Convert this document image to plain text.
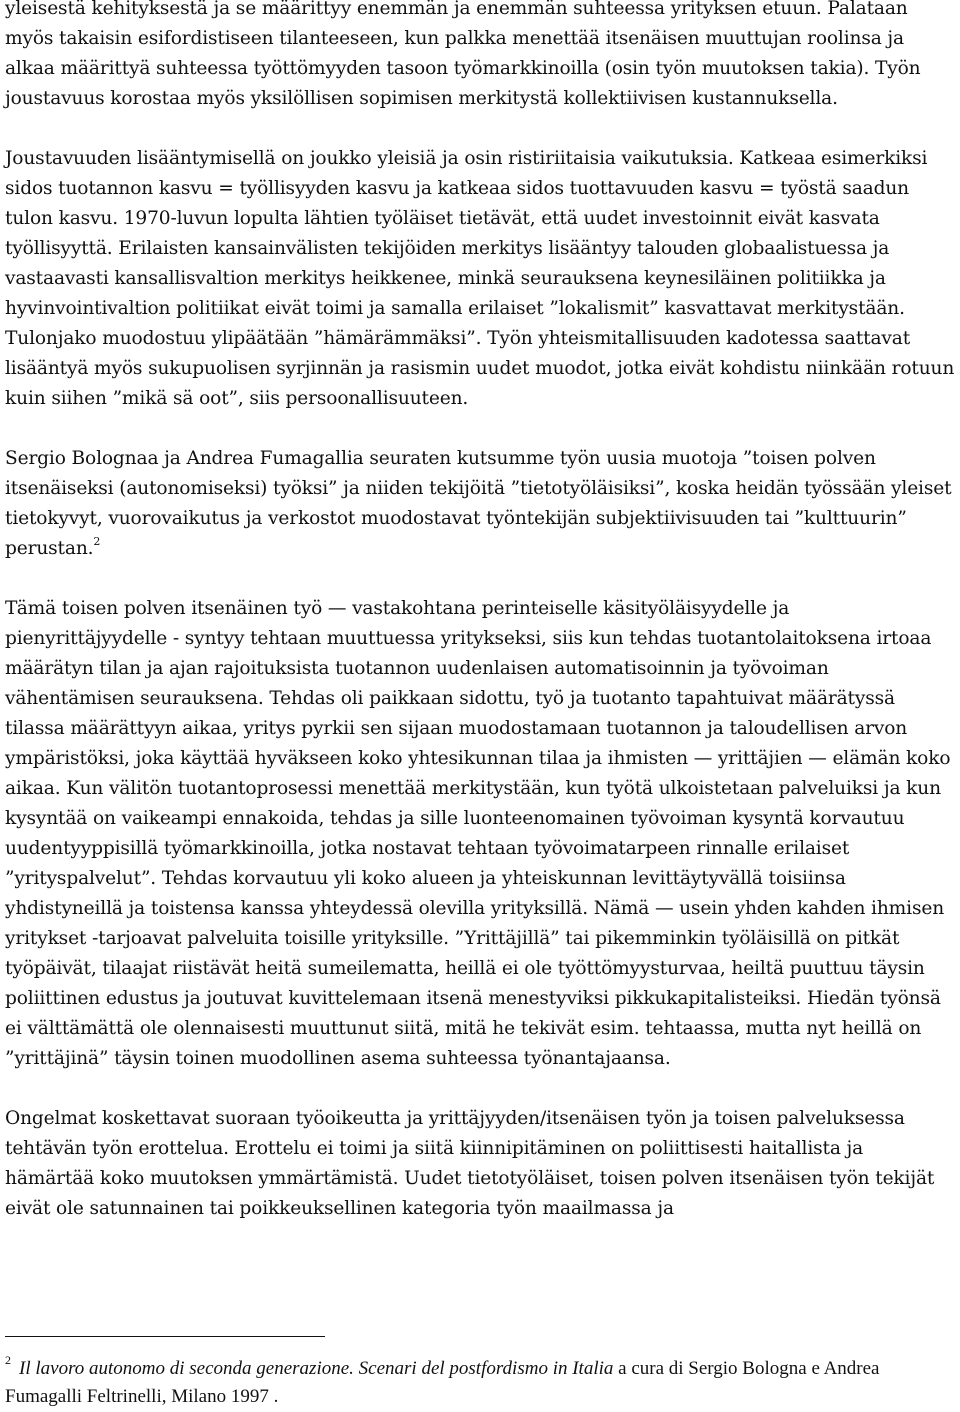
yleisestä kehityksestä ja se määrittyy enemmän ja enemmän suhteessa yrityksen etuun. Palataan myös takaisin esifordistiseen tilanteeseen, kun palkka menettää itsenäisen muuttujan roolinsa ja alkaa määrittyä suhteessa työttömyyden tasoon työmarkkinoilla (osin työn muutoksen takia). Työn joustavuus korostaa myös yksilöllisen sopimisen merkitystä kollektiivisen kustannuksella.

Joustavuuden lisääntymisellä on joukko yleisiä ja osin ristiriitaisia vaikutuksia. Katkeaa esimerkiksi sidos tuotannon kasvu = työllisyyden kasvu ja katkeaa sidos tuottavuuden kasvu = työstä saadun tulon kasvu. 1970-luvun lopulta lähtien työläiset tietävät, että uudet investoinnit eivät kasvata työllisyyttä. Erilaisten kansainvälisten tekijöiden merkitys lisääntyy talouden globaalistuessa ja vastaavasti kansallisvaltion merkitys heikkenee, minkä seurauksena keynesiläinen politiikka ja hyvinvointivaltion politiikat eivät toimi ja samalla erilaiset ”lokalismit” kasvattavat merkitystään. Tulonjako muodostuu ylipäätään ”hämärämmäksi”. Työn yhteismitallisuuden kadotessa saattavat lisääntyä myös sukupuolisen syrjinnän ja rasismin uudet muodot, jotka eivät kohdistu niinkään rotuun kuin siihen ”mikä sä oot”, siis persoonallisuuteen.

Sergio Bolognaa ja Andrea Fumagallia seuraten kutsumme työn uusia muotoja ”toisen polven itsenäiseksi (autonomiseksi) työksi” ja niiden tekijöitä ”tietotyöläisiksi”, koska heidän työssään yleiset tietokyvyt, vuorovaikutus ja verkostot muodostavat työntekijän subjektiivisuuden tai ”kulttuurin” perustan.$^2$

Tämä toisen polven itsenäinen työ — vastakohtana perinteiselle käsityöläisyydelle ja pienyrittäjyydelle - syntyy tehtaan muuttuessa yritykseksi, siis kun tehdas tuotantolaitoksena irtoaa määrätyn tilan ja ajan rajoituksista tuotannon uudenlaisen automatisoinnin ja työvoiman vähentämisen seurauksena. Tehdas oli paikkaan sidottu, työ ja tuotanto tapahtuivat määrätyssä tilassa määrättyyn aikaa, yritys pyrkii sen sijaan muodostamaan tuotannon ja taloudellisen arvon ympäristöksi, joka käyttää hyväkseen koko yhtesikunnan tilaa ja ihmisten — yrittäjien — elämän koko aikaa. Kun välitön tuotantoprosessi menettää merkitystään, kun työtä ulkoistetaan palveluiksi ja kun kysyntää on vaikeampi ennakoida, tehdas ja sille luonteenomainen työvoiman kysyntä korvautuu uudentyyppisillä työmarkkinoilla, jotka nostavat tehtaan työvoimatarpeen rinnalle erilaiset ”yrityspalvelut”. Tehdas korvautuu yli koko alueen ja yhteiskunnan levittäytyvällä toisiinsa yhdistyneillä ja toistensa kanssa yhteydessä olevilla yrityksillä. Nämä — usein yhden kahden ihmisen yritykset -tarjoavat palveluita toisille yrityksille. ”Yrittäjillä” tai pikemminkin työläisillä on pitkät työpäivät, tilaajat riistävät heitä sumeilematta, heillä ei ole työttömyysturvaa, heiltä puuttuu täysin poliittinen edustus ja joutuvat kuvittelemaan itsenä menestyviksi pikkukapitalisteiksi. Hiedän työnsä ei välttämättä ole olennaisesti muuttunut siitä, mitä he tekivät esim. tehtaassa, mutta nyt heillä on ”yrittäjinä” täysin toinen muodollinen asema suhteessa työnantajaansa.

Ongelmat koskettavat suoraan työoikeutta ja yrittäjyyden/itsenäisen työn ja toisen palveluksessa tehtävän työn erottelua. Erottelu ei toimi ja siitä kiinnipitäminen on poliittisesti haitallista ja hämärtää koko muutoksen ymmärtämistä. Uudet tietotyöläiset, toisen polven itsenäisen työn tekijät eivät ole satunnainen tai poikkeuksellinen kategoria työn maailmassa ja

$^2$ Il lavoro autonomo di seconda generazione. Scenari del postfordismo in Italia a cura di Sergio Bologna e Andrea Fumagalli Feltrinelli, Milano 1997 .
